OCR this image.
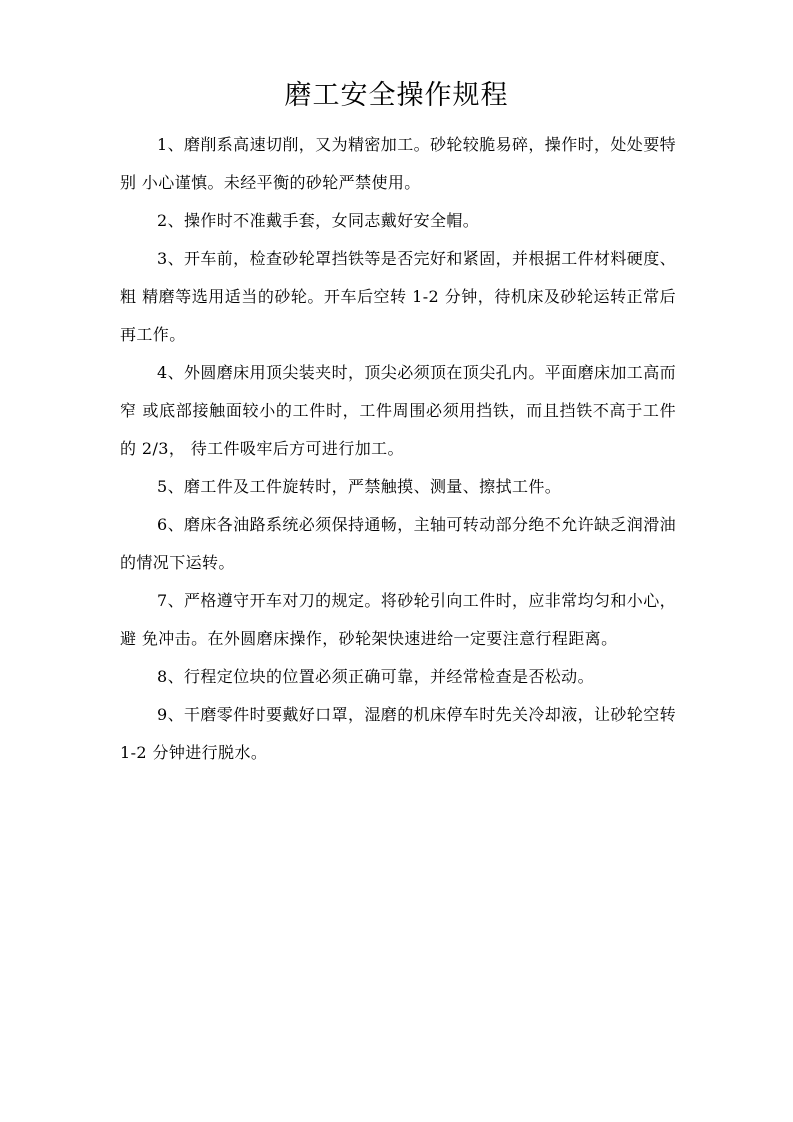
磨工安全操作规程

1、磨削系高速切削，又为精密加工。砂轮较脆易碎，操作时，处处要特别 小心谨慎。未经平衡的砂轮严禁使用。

2、操作时不准戴手套，女同志戴好安全帽。

3、开车前，检查砂轮罩挡铁等是否完好和紧固，并根据工件材料硬度、粗 精磨等选用适当的砂轮。开车后空转 1-2 分钟，待机床及砂轮运转正常后再工作。

4、外圆磨床用顶尖装夹时，顶尖必须顶在顶尖孔内。平面磨床加工高而窄 或底部接触面较小的工件时，工件周围必须用挡铁，而且挡铁不高于工件的 2/3， 待工件吸牢后方可进行加工。

5、磨工件及工件旋转时，严禁触摸、测量、擦拭工件。

6、磨床各油路系统必须保持通畅，主轴可转动部分绝不允许缺乏润滑油的情况下运转。

7、严格遵守开车对刀的规定。将砂轮引向工件时，应非常均匀和小心，避 免冲击。在外圆磨床操作，砂轮架快速进给一定要注意行程距离。

8、行程定位块的位置必须正确可靠，并经常检查是否松动。

9、干磨零件时要戴好口罩，湿磨的机床停车时先关冷却液，让砂轮空转 1-2 分钟进行脱水。
